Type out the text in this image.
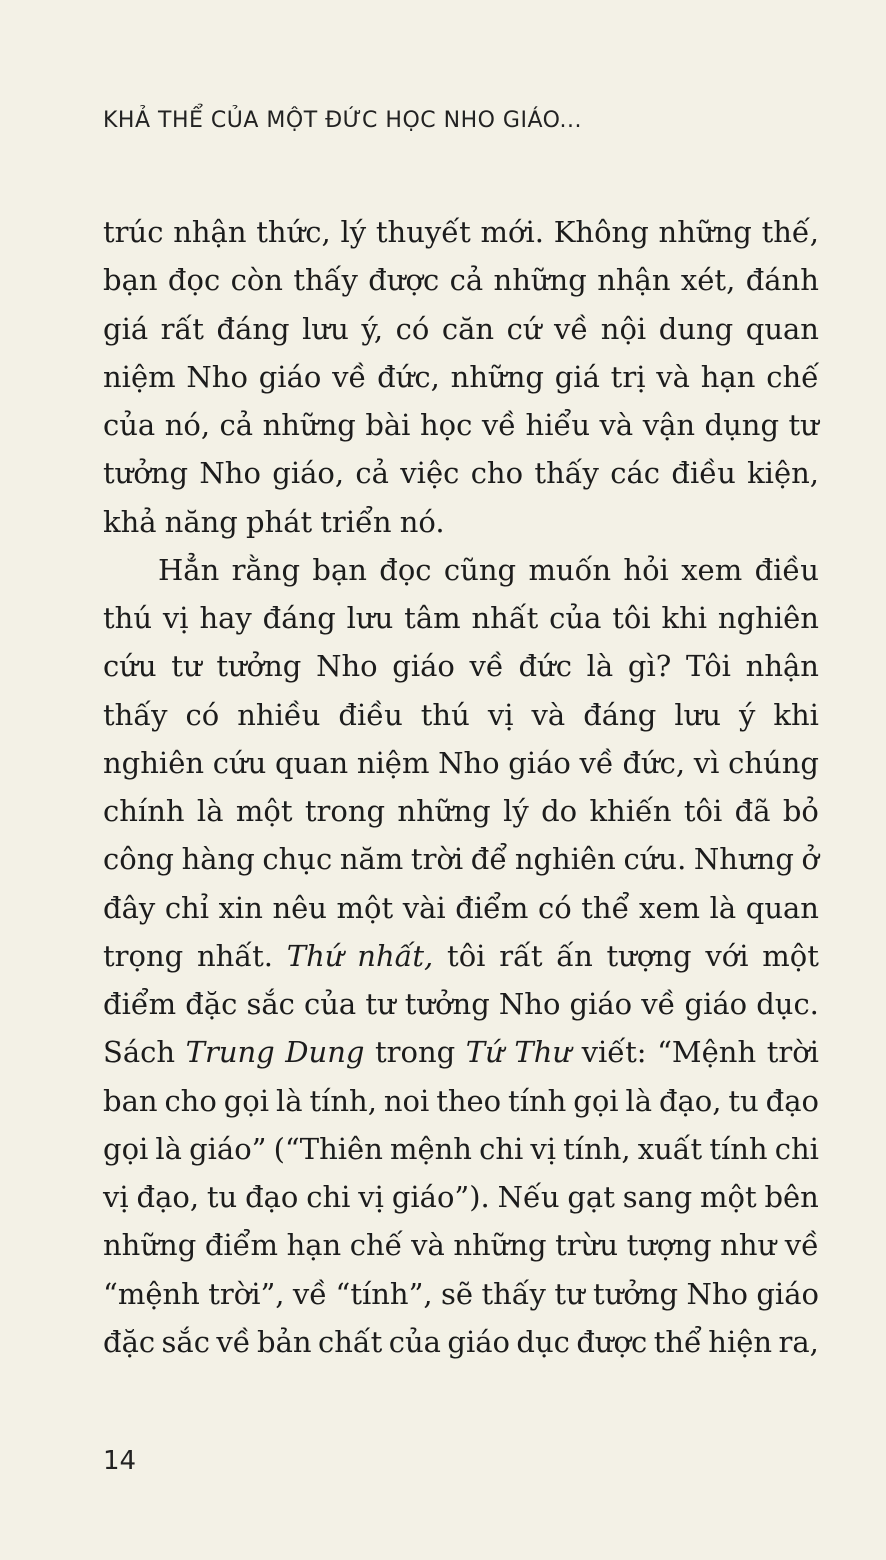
KHẢ THỂ CỦA MỘT ĐỨC HỌC NHO GIÁO...
trúc nhận thức, lý thuyết mới. Không những thế,
bạn đọc còn thấy được cả những nhận xét, đánh
giá rất đáng lưu ý, có căn cứ về nội dung quan
niệm Nho giáo về đức, những giá trị và hạn chế
của nó, cả những bài học về hiểu và vận dụng tư
tưởng Nho giáo, cả việc cho thấy các điều kiện,
khả năng phát triển nó.
Hẳn rằng bạn đọc cũng muốn hỏi xem điều
thú vị hay đáng lưu tâm nhất của tôi khi nghiên
cứu tư tưởng Nho giáo về đức là gì? Tôi nhận
thấy có nhiều điều thú vị và đáng lưu ý khi
nghiên cứu quan niệm Nho giáo về đức, vì chúng
chính là một trong những lý do khiến tôi đã bỏ
công hàng chục năm trời để nghiên cứu. Nhưng ở
đây chỉ xin nêu một vài điểm có thể xem là quan
trọng nhất. Thứ nhất, tôi rất ấn tượng với một
điểm đặc sắc của tư tưởng Nho giáo về giáo dục.
Sách Trung Dung trong Tứ Thư viết: “Mệnh trời
ban cho gọi là tính, noi theo tính gọi là đạo, tu đạo
gọi là giáo” (“Thiên mệnh chi vị tính, xuất tính chi
vị đạo, tu đạo chi vị giáo”). Nếu gạt sang một bên
những điểm hạn chế và những trừu tượng như về
“mệnh trời”, về “tính”, sẽ thấy tư tưởng Nho giáo
đặc sắc về bản chất của giáo dục được thể hiện ra,
14
